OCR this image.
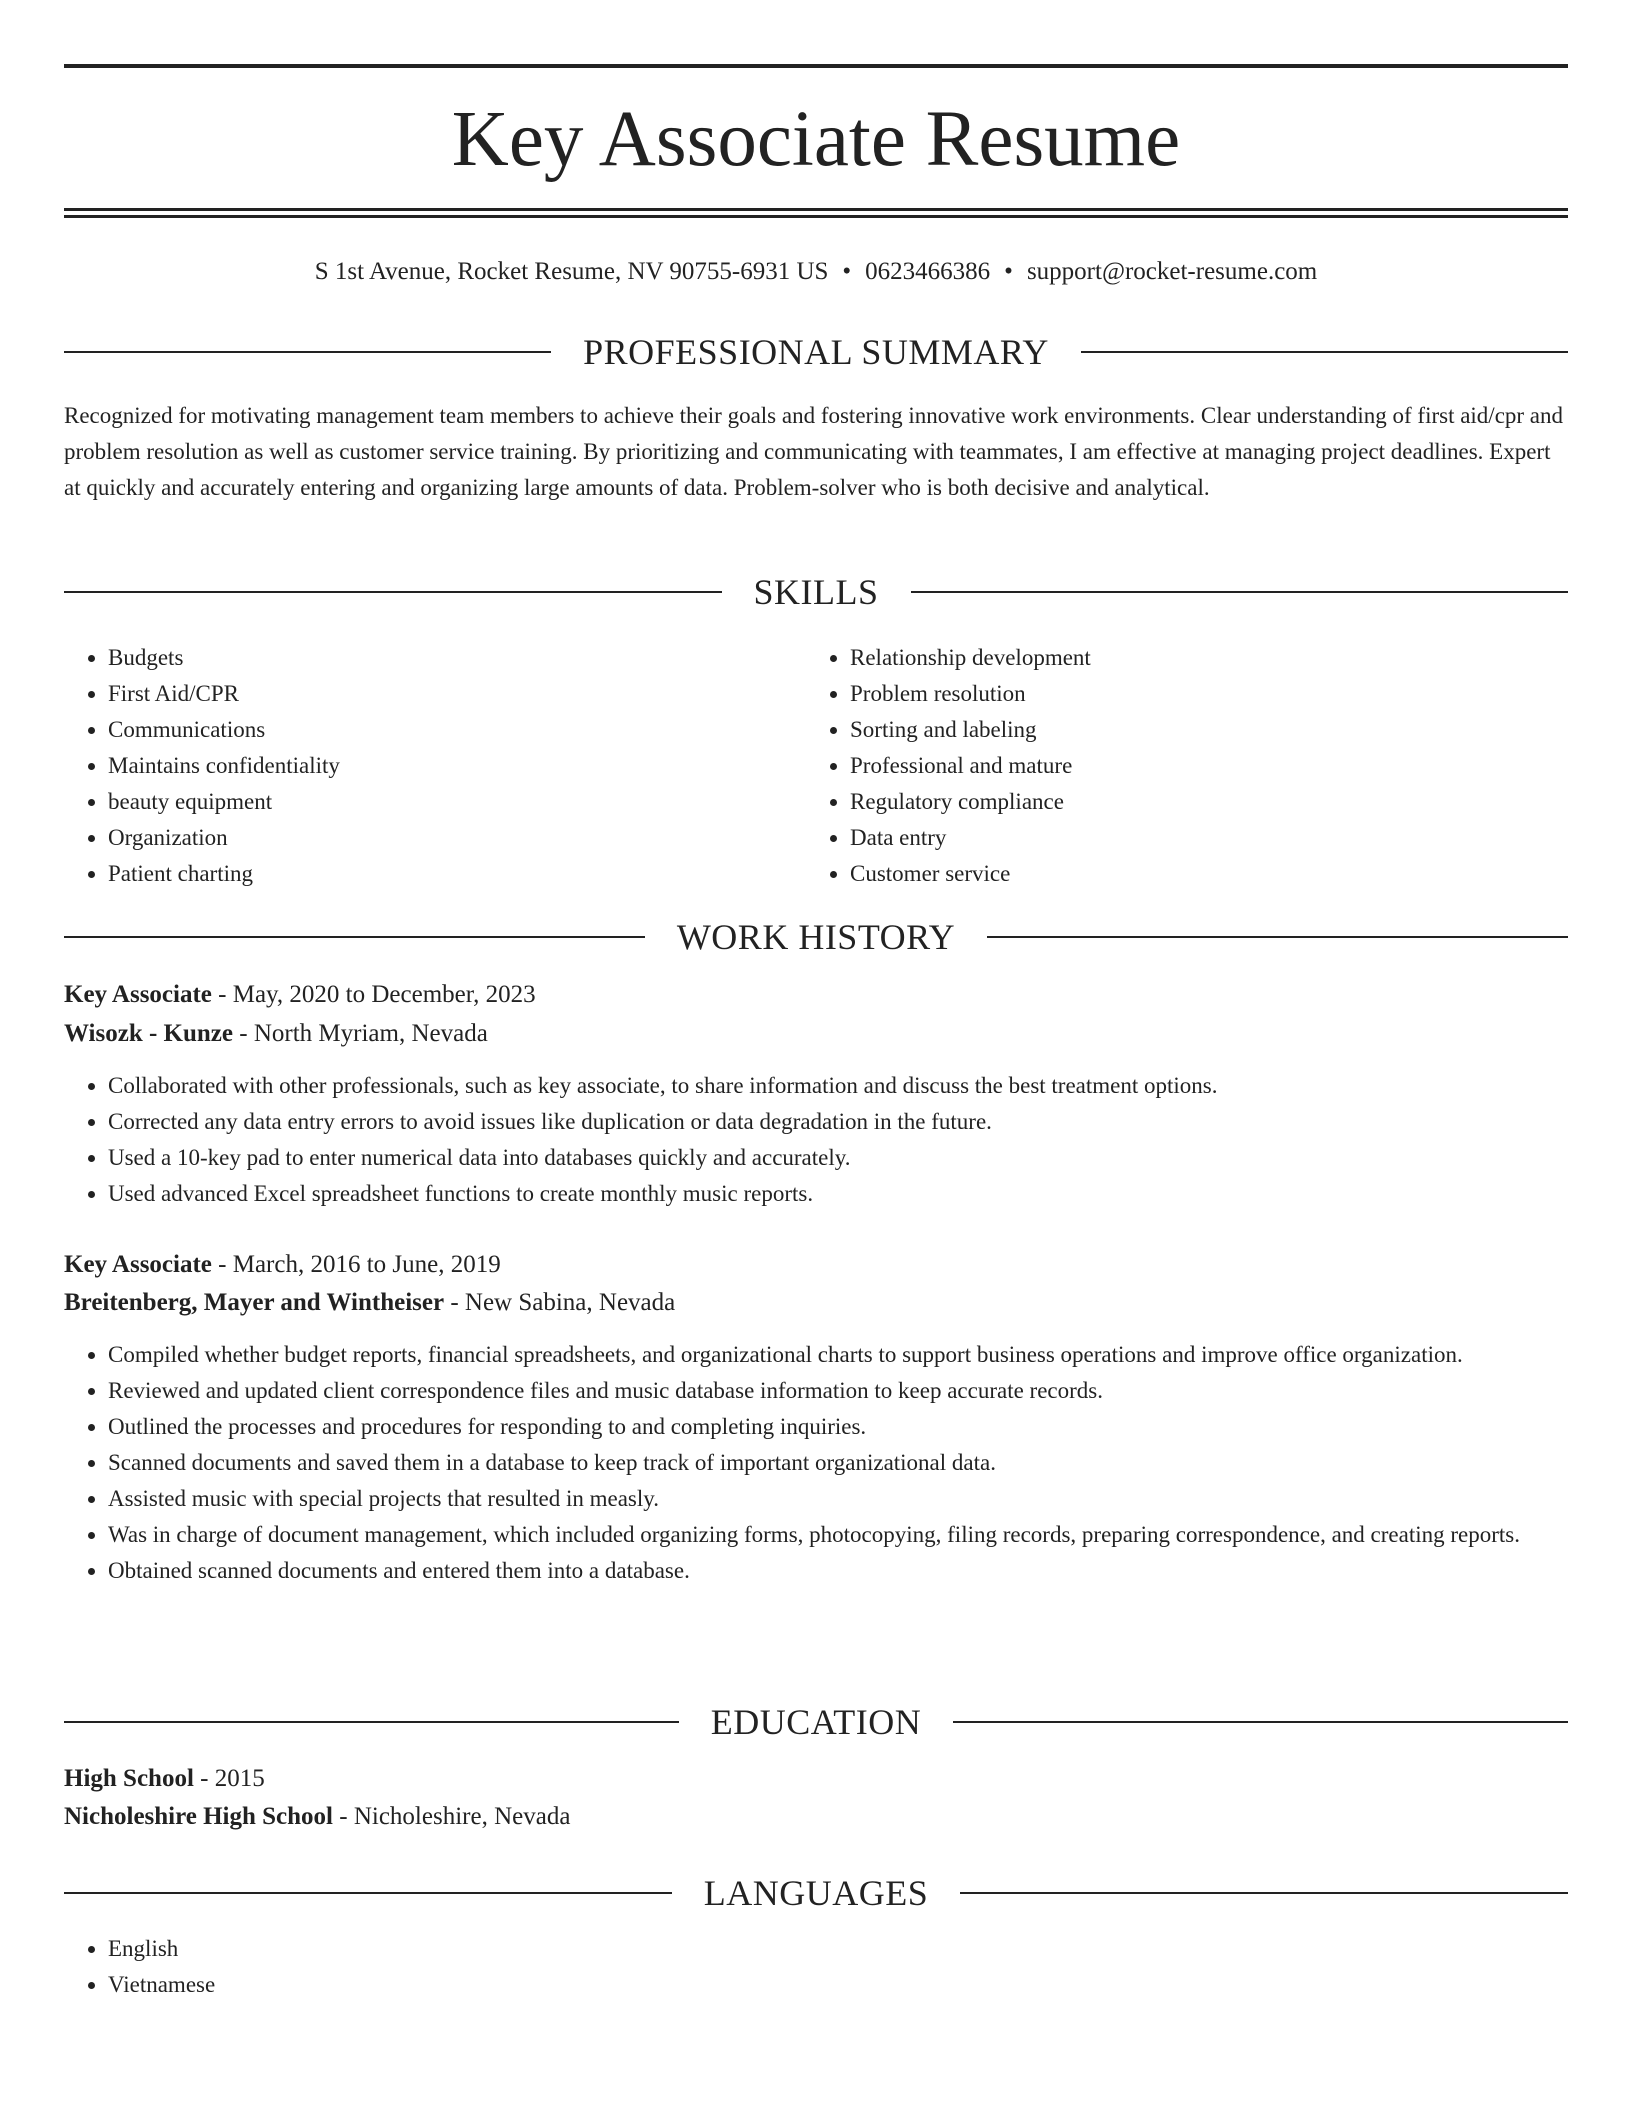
Key Associate Resume
S 1st Avenue, Rocket Resume, NV 90755-6931 US • 0623466386 • support@rocket-resume.com
PROFESSIONAL SUMMARY

Recognized for motivating management team members to achieve their goals and fostering innovative work environments. Clear understanding of first aid/cpr and problem resolution as well as customer service training. By prioritizing and communicating with teammates, I am effective at managing project deadlines. Expert at quickly and accurately entering and organizing large amounts of data. Problem-solver who is both decisive and analytical.

SKILLS
• Budgets
• First Aid/CPR
• Communications
• Maintains confidentiality
• beauty equipment
• Organization
• Patient charting
• Relationship development
• Problem resolution
• Sorting and labeling
• Professional and mature
• Regulatory compliance
• Data entry
• Customer service
WORK HISTORY
Key Associate - May, 2020 to December, 2023
Wisozk - Kunze - North Myriam, Nevada
• Collaborated with other professionals, such as key associate, to share information and discuss the best treatment options.
• Corrected any data entry errors to avoid issues like duplication or data degradation in the future.
• Used a 10-key pad to enter numerical data into databases quickly and accurately.
• Used advanced Excel spreadsheet functions to create monthly music reports.
Key Associate - March, 2016 to June, 2019
Breitenberg, Mayer and Wintheiser - New Sabina, Nevada
• Compiled whether budget reports, financial spreadsheets, and organizational charts to support business operations and improve office organization.
• Reviewed and updated client correspondence files and music database information to keep accurate records.
• Outlined the processes and procedures for responding to and completing inquiries.
• Scanned documents and saved them in a database to keep track of important organizational data.
• Assisted music with special projects that resulted in measly.
• Was in charge of document management, which included organizing forms, photocopying, filing records, preparing correspondence, and creating reports.
• Obtained scanned documents and entered them into a database.
EDUCATION
High School - 2015
Nicholeshire High School - Nicholeshire, Nevada
LANGUAGES
• English
• Vietnamese
